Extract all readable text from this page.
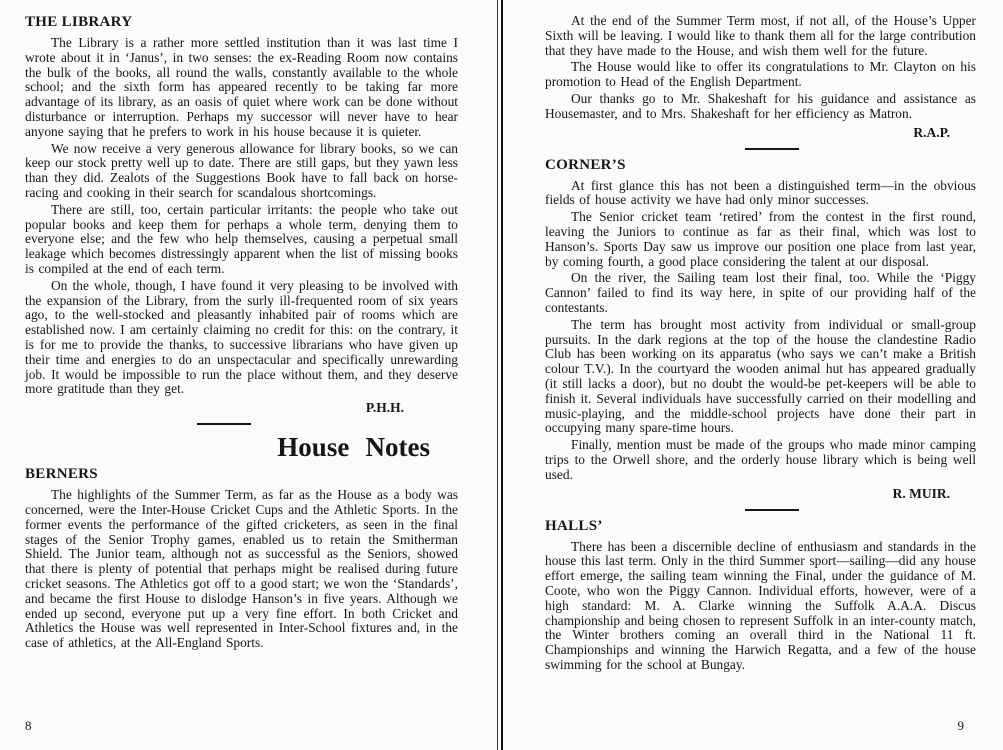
THE LIBRARY

The Library is a rather more settled institution than it was last time I wrote about it in ‘Janus’, in two senses: the ex-Reading Room now contains the bulk of the books, all round the walls, constantly available to the whole school; and the sixth form has appeared recently to be taking far more advantage of its library, as an oasis of quiet where work can be done without disturbance or interruption. Perhaps my successor will never have to hear anyone saying that he prefers to work in his house because it is quieter.

We now receive a very generous allowance for library books, so we can keep our stock pretty well up to date. There are still gaps, but they yawn less than they did. Zealots of the Suggestions Book have to fall back on horse-racing and cooking in their search for scandalous shortcomings.

There are still, too, certain particular irritants: the people who take out popular books and keep them for perhaps a whole term, denying them to everyone else; and the few who help themselves, causing a perpetual small leakage which becomes distressingly apparent when the list of missing books is compiled at the end of each term.

On the whole, though, I have found it very pleasing to be involved with the expansion of the Library, from the surly ill-frequented room of six years ago, to the well-stocked and pleasantly inhabited pair of rooms which are established now. I am certainly claiming no credit for this: on the contrary, it is for me to provide the thanks, to successive librarians who have given up their time and energies to do an unspectacular and specifically unrewarding job. It would be impossible to run the place without them, and they deserve more gratitude than they get.

P.H.H.
House Notes
BERNERS

The highlights of the Summer Term, as far as the House as a body was concerned, were the Inter-House Cricket Cups and the Athletic Sports. In the former events the performance of the gifted cricketers, as seen in the final stages of the Senior Trophy games, enabled us to retain the Smitherman Shield. The Junior team, although not as successful as the Seniors, showed that there is plenty of potential that perhaps might be realised during future cricket seasons. The Athletics got off to a good start; we won the ‘Standards’, and became the first House to dislodge Hanson’s in five years. Although we ended up second, everyone put up a very fine effort. In both Cricket and Athletics the House was well represented in Inter-School fixtures and, in the case of athletics, at the All-England Sports.

8

At the end of the Summer Term most, if not all, of the House’s Upper Sixth will be leaving. I would like to thank them all for the large contribution that they have made to the House, and wish them well for the future.

The House would like to offer its congratulations to Mr. Clayton on his promotion to Head of the English Department.

Our thanks go to Mr. Shakeshaft for his guidance and assistance as Housemaster, and to Mrs. Shakeshaft for her efficiency as Matron.

R.A.P.
CORNER’S

At first glance this has not been a distinguished term—in the obvious fields of house activity we have had only minor successes.

The Senior cricket team ‘retired’ from the contest in the first round, leaving the Juniors to continue as far as their final, which was lost to Hanson’s. Sports Day saw us improve our position one place from last year, by coming fourth, a good place considering the talent at our disposal.

On the river, the Sailing team lost their final, too. While the ‘Piggy Cannon’ failed to find its way here, in spite of our providing half of the contestants.

The term has brought most activity from individual or small-group pursuits. In the dark regions at the top of the house the clandestine Radio Club has been working on its apparatus (who says we can’t make a British colour T.V.). In the courtyard the wooden animal hut has appeared gradually (it still lacks a door), but no doubt the would-be pet-keepers will be able to finish it. Several individuals have successfully carried on their modelling and music-playing, and the middle-school projects have done their part in occupying many spare-time hours.

Finally, mention must be made of the groups who made minor camping trips to the Orwell shore, and the orderly house library which is being well used.

R. MUIR.
HALLS’

There has been a discernible decline of enthusiasm and standards in the house this last term. Only in the third Summer sport—sailing—did any house effort emerge, the sailing team winning the Final, under the guidance of M. Coote, who won the Piggy Cannon. Individual efforts, however, were of a high standard: M. A. Clarke winning the Suffolk A.A.A. Discus championship and being chosen to represent Suffolk in an inter-county match, the Winter brothers coming an overall third in the National 11 ft. Championships and winning the Harwich Regatta, and a few of the house swimming for the school at Bungay.

9
